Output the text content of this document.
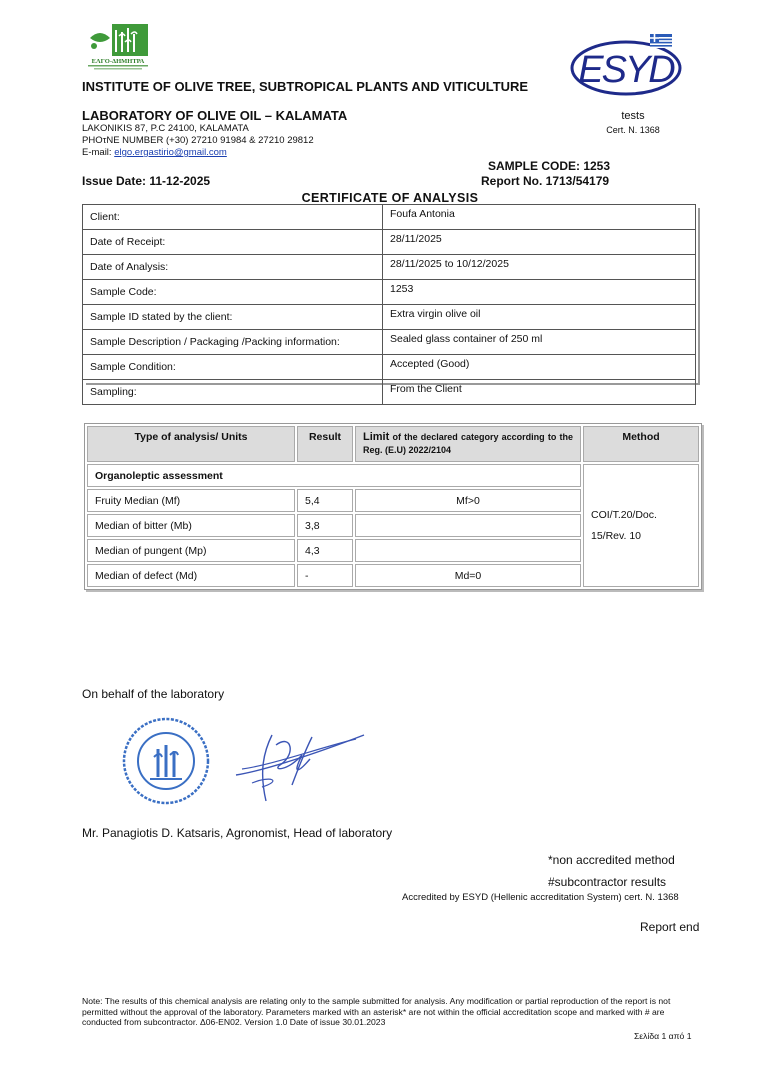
ΕΛΓΟ-ΔΗΜΗΤΡΑ	ESYD
INSTITUTE OF OLIVE TREE, SUBTROPICAL PLANTS AND VITICULTURE
LABORATORY OF OLIVE OIL – KALAMATA
LAKONIKIS 87, P.C 24100, KALAMATA
PHOτNE NUMBER (+30) 27210 91984 & 27210 29812
E-mail: elgo.ergastirio@gmail.com
tests
Cert. N. 1368
SAMPLE CODE: 1253
Issue Date: 11-12-2025	Report No. 1713/54179
CERTIFICATE OF ANALYSIS
Client:	Foufa Antonia
Date of Receipt:	28/11/2025
Date of Analysis:	28/11/2025 to 10/12/2025
Sample Code:	1253
Sample ID stated by the client:	Extra virgin olive oil
Sample Description / Packaging /Packing information:	Sealed glass container of 250 ml
Sample Condition:	Accepted (Good)
Sampling:	From the Client
Type of analysis/ Units	Result	Limit of the declared category according to the Reg. (E.U) 2022/2104	Method
Organoleptic assessment			COI/T.20/Doc.
15/Rev. 10

Fruity Median (Mf)	5,4	Mf>0	
Median of bitter (Mb)	3,8		
Median of pungent (Mp)	4,3		
Median of defect (Md)	-	Md=0	
On behalf of the laboratory
Mr. Panagiotis D. Katsaris, Agronomist, Head of laboratory
*non accredited method
#subcontractor results
Accredited by ESYD (Hellenic accreditation System) cert. N. 1368
Report end
Note: The results of this chemical analysis are relating only to the sample submitted for analysis. Any modification or partial reproduction of the report is not permitted without the approval of the laboratory. Parameters marked with an asterisk* are not within the official accreditation scope and marked with # are conducted from subcontractor. Δ06-EN02. Version 1.0 Date of issue 30.01.2023
Σελίδα 1 από 1
